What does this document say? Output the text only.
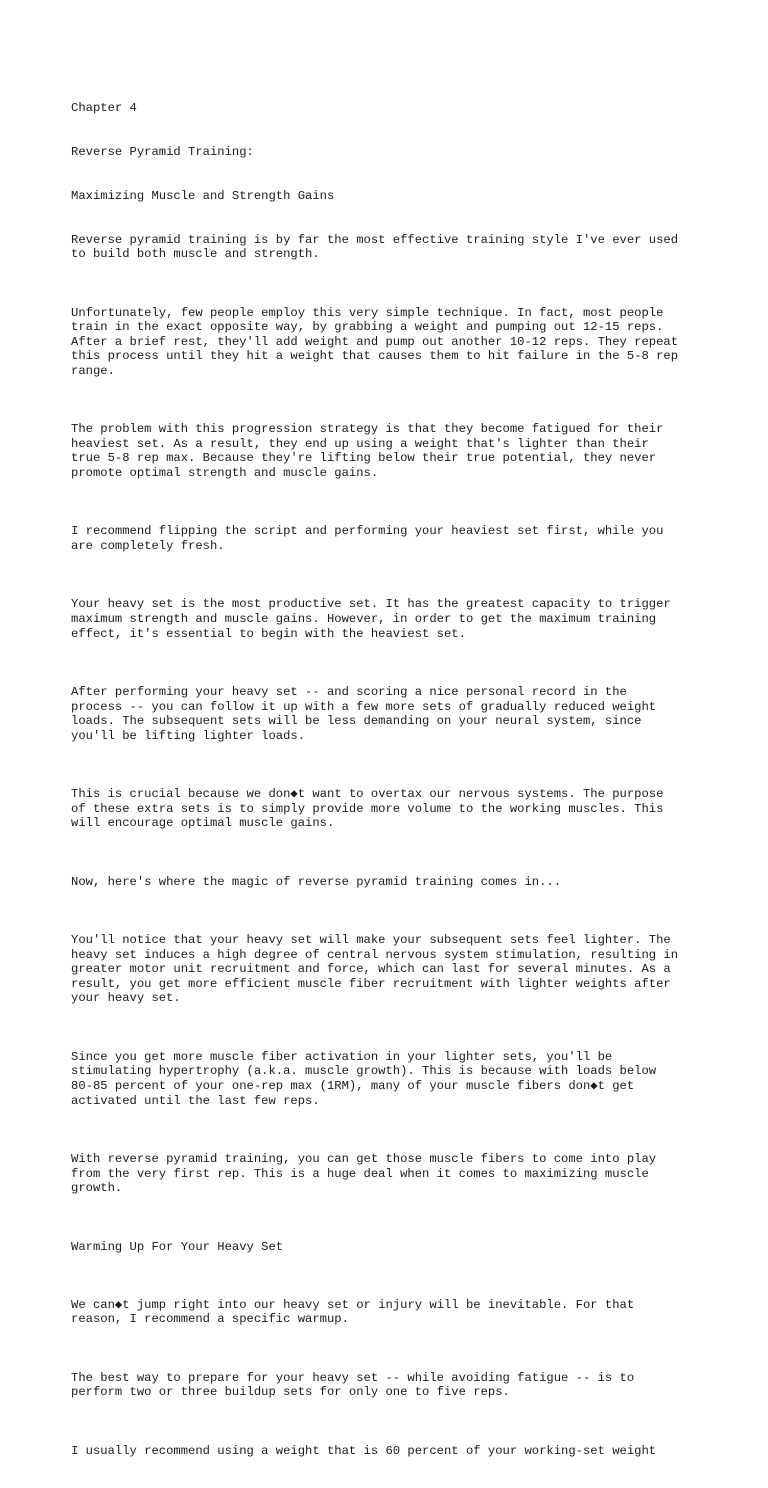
Chapter 4

Reverse Pyramid Training:

Maximizing Muscle and Strength Gains

Reverse pyramid training is by far the most effective training style I've ever used
to build both muscle and strength.

Unfortunately, few people employ this very simple technique. In fact, most people
train in the exact opposite way, by grabbing a weight and pumping out 12-15 reps.
After a brief rest, they'll add weight and pump out another 10-12 reps. They repeat
this process until they hit a weight that causes them to hit failure in the 5-8 rep
range.

The problem with this progression strategy is that they become fatigued for their
heaviest set. As a result, they end up using a weight that's lighter than their
true 5-8 rep max. Because they're lifting below their true potential, they never
promote optimal strength and muscle gains.

I recommend flipping the script and performing your heaviest set first, while you
are completely fresh.

Your heavy set is the most productive set. It has the greatest capacity to trigger
maximum strength and muscle gains. However, in order to get the maximum training
effect, it's essential to begin with the heaviest set.

After performing your heavy set -- and scoring a nice personal record in the
process -- you can follow it up with a few more sets of gradually reduced weight
loads. The subsequent sets will be less demanding on your neural system, since
you'll be lifting lighter loads.

This is crucial because we don◆t want to overtax our nervous systems. The purpose
of these extra sets is to simply provide more volume to the working muscles. This
will encourage optimal muscle gains.

Now, here's where the magic of reverse pyramid training comes in...

You'll notice that your heavy set will make your subsequent sets feel lighter. The
heavy set induces a high degree of central nervous system stimulation, resulting in
greater motor unit recruitment and force, which can last for several minutes. As a
result, you get more efficient muscle fiber recruitment with lighter weights after
your heavy set.

Since you get more muscle fiber activation in your lighter sets, you'll be
stimulating hypertrophy (a.k.a. muscle growth). This is because with loads below
80-85 percent of your one-rep max (1RM), many of your muscle fibers don◆t get
activated until the last few reps.

With reverse pyramid training, you can get those muscle fibers to come into play
from the very first rep. This is a huge deal when it comes to maximizing muscle
growth.

Warming Up For Your Heavy Set

We can◆t jump right into our heavy set or injury will be inevitable. For that
reason, I recommend a specific warmup.

The best way to prepare for your heavy set -- while avoiding fatigue -- is to
perform two or three buildup sets for only one to five reps.

I usually recommend using a weight that is 60 percent of your working-set weight
